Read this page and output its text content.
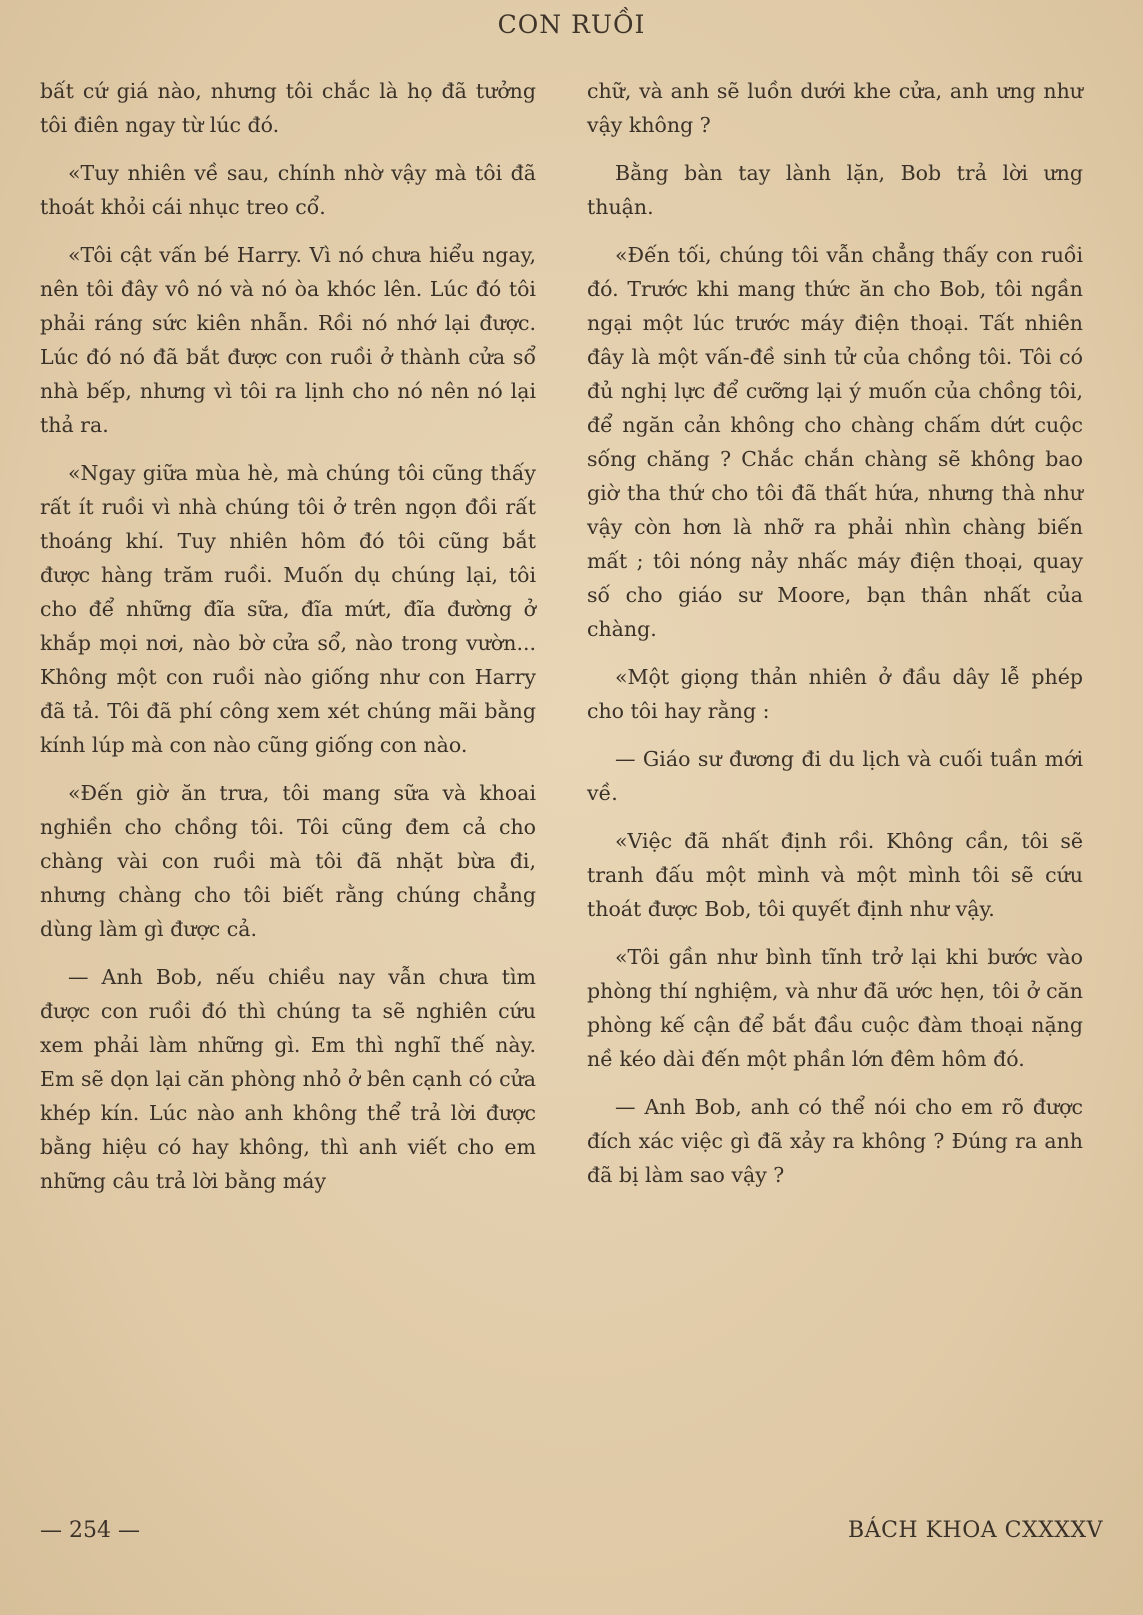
CON RUỒI

bất cứ giá nào, nhưng tôi chắc là họ đã tưởng tôi điên ngay từ lúc đó.

«Tuy nhiên về sau, chính nhờ vậy mà tôi đã thoát khỏi cái nhục treo cổ.

«Tôi cật vấn bé Harry. Vì nó chưa hiểu ngay, nên tôi đây vô nó và nó òa khóc lên. Lúc đó tôi phải ráng sức kiên nhẫn. Rồi nó nhớ lại được. Lúc đó nó đã bắt được con ruồi ở thành cửa sổ nhà bếp, nhưng vì tôi ra lịnh cho nó nên nó lại thả ra.

«Ngay giữa mùa hè, mà chúng tôi cũng thấy rất ít ruồi vì nhà chúng tôi ở trên ngọn đồi rất thoáng khí. Tuy nhiên hôm đó tôi cũng bắt được hàng trăm ruồi. Muốn dụ chúng lại, tôi cho để những đĩa sữa, đĩa mứt, đĩa đường ở khắp mọi nơi, nào bờ cửa sổ, nào trong vườn... Không một con ruồi nào giống như con Harry đã tả. Tôi đã phí công xem xét chúng mãi bằng kính lúp mà con nào cũng giống con nào.

«Đến giờ ăn trưa, tôi mang sữa và khoai nghiền cho chồng tôi. Tôi cũng đem cả cho chàng vài con ruồi mà tôi đã nhặt bừa đi, nhưng chàng cho tôi biết rằng chúng chẳng dùng làm gì được cả.

— Anh Bob, nếu chiều nay vẫn chưa tìm được con ruồi đó thì chúng ta sẽ nghiên cứu xem phải làm những gì. Em thì nghĩ thế này. Em sẽ dọn lại căn phòng nhỏ ở bên cạnh có cửa khép kín. Lúc nào anh không thể trả lời được bằng hiệu có hay không, thì anh viết cho em những câu trả lời bằng máy

chữ, và anh sẽ luồn dưới khe cửa, anh ưng như vậy không ?

Bằng bàn tay lành lặn, Bob trả lời ưng thuận.

«Đến tối, chúng tôi vẫn chẳng thấy con ruồi đó. Trước khi mang thức ăn cho Bob, tôi ngần ngại một lúc trước máy điện thoại. Tất nhiên đây là một vấn-đề sinh tử của chồng tôi. Tôi có đủ nghị lực để cưỡng lại ý muốn của chồng tôi, để ngăn cản không cho chàng chấm dứt cuộc sống chăng ? Chắc chắn chàng sẽ không bao giờ tha thứ cho tôi đã thất hứa, nhưng thà như vậy còn hơn là nhỡ ra phải nhìn chàng biến mất ; tôi nóng nảy nhấc máy điện thoại, quay số cho giáo sư Moore, bạn thân nhất của chàng.

«Một giọng thản nhiên ở đầu dây lễ phép cho tôi hay rằng :

— Giáo sư đương đi du lịch và cuối tuần mới về.

«Việc đã nhất định rồi. Không cần, tôi sẽ tranh đấu một mình và một mình tôi sẽ cứu thoát được Bob, tôi quyết định như vậy.

«Tôi gần như bình tĩnh trở lại khi bước vào phòng thí nghiệm, và như đã ước hẹn, tôi ở căn phòng kế cận để bắt đầu cuộc đàm thoại nặng nề kéo dài đến một phần lớn đêm hôm đó.

— Anh Bob, anh có thể nói cho em rõ được đích xác việc gì đã xảy ra không ? Đúng ra anh đã bị làm sao vậy ?

— 254 —	BÁCH KHOA CXXXXV
